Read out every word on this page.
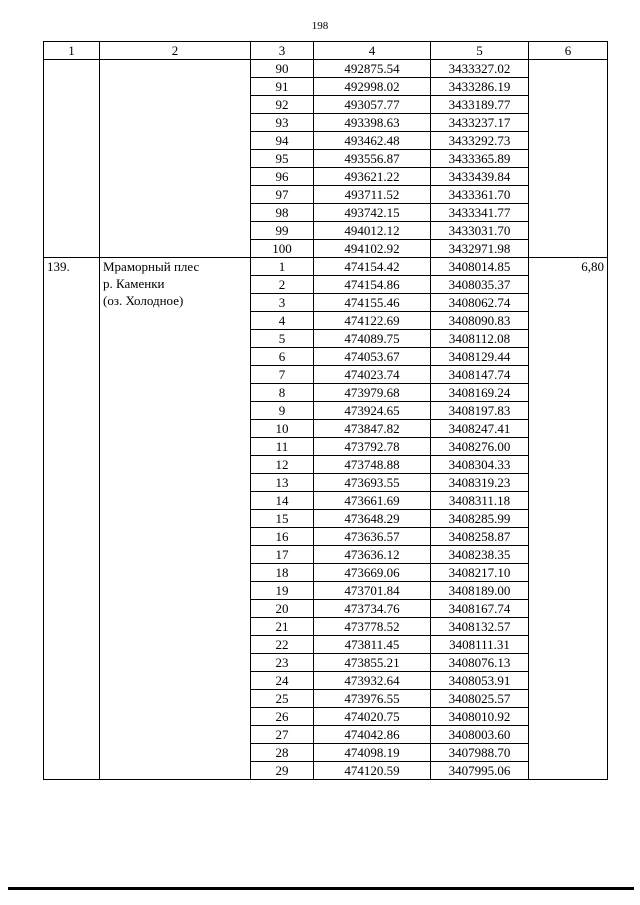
198
1	2	3	4	5	6
		90	492875.54	3433327.02	
		91	492998.02	3433286.19	
		92	493057.77	3433189.77	
		93	493398.63	3433237.17	
		94	493462.48	3433292.73	
		95	493556.87	3433365.89	
		96	493621.22	3433439.84	
		97	493711.52	3433361.70	
		98	493742.15	3433341.77	
		99	494012.12	3433031.70	
		100	494102.92	3432971.98	
139.	Мраморный плес
р. Каменки
(оз. Холодное)	1	474154.42	3408014.85	6,80
		2	474154.86	3408035.37	
		3	474155.46	3408062.74	
		4	474122.69	3408090.83	
		5	474089.75	3408112.08	
		6	474053.67	3408129.44	
		7	474023.74	3408147.74	
		8	473979.68	3408169.24	
		9	473924.65	3408197.83	
		10	473847.82	3408247.41	
		11	473792.78	3408276.00	
		12	473748.88	3408304.33	
		13	473693.55	3408319.23	
		14	473661.69	3408311.18	
		15	473648.29	3408285.99	
		16	473636.57	3408258.87	
		17	473636.12	3408238.35	
		18	473669.06	3408217.10	
		19	473701.84	3408189.00	
		20	473734.76	3408167.74	
		21	473778.52	3408132.57	
		22	473811.45	3408111.31	
		23	473855.21	3408076.13	
		24	473932.64	3408053.91	
		25	473976.55	3408025.57	
		26	474020.75	3408010.92	
		27	474042.86	3408003.60	
		28	474098.19	3407988.70	
		29	474120.59	3407995.06	
